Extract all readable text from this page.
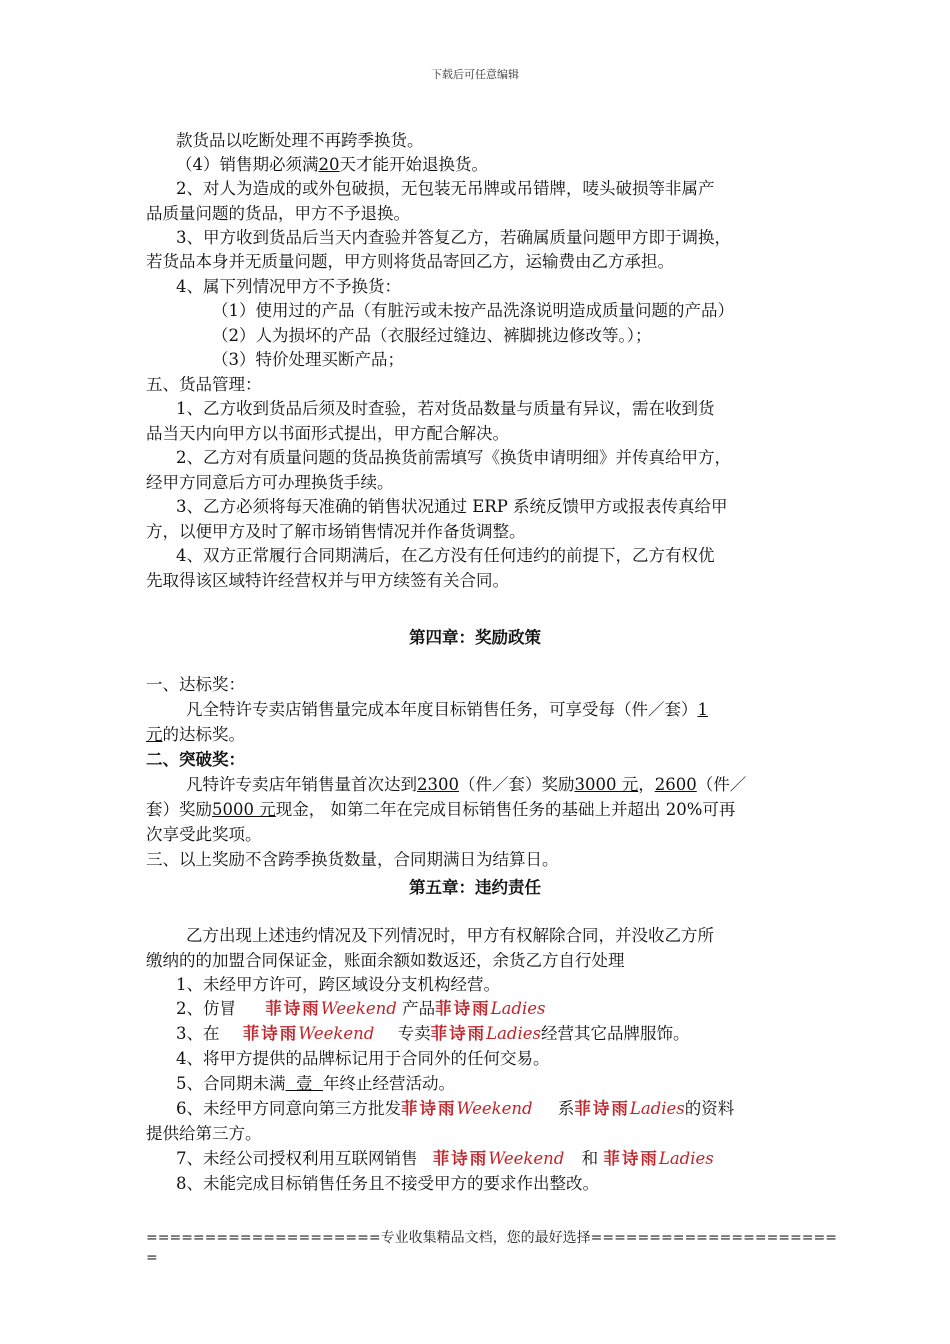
下载后可任意编辑
款货品以吃断处理不再跨季换货。
（4）销售期必须满20天才能开始退换货。
2、对人为造成的或外包破损，无包装无吊牌或吊错牌，唛头破损等非属产
品质量问题的货品，甲方不予退换。
3、甲方收到货品后当天内查验并答复乙方，若确属质量问题甲方即于调换，
若货品本身并无质量问题，甲方则将货品寄回乙方，运输费由乙方承担。
4、属下列情况甲方不予换货：
（1）使用过的产品（有脏污或未按产品洗涤说明造成质量问题的产品）
（2）人为损坏的产品（衣服经过缝边、裤脚挑边修改等。）；
（3）特价处理买断产品；
五、货品管理：
1、乙方收到货品后须及时查验，若对货品数量与质量有异议，需在收到货
品当天内向甲方以书面形式提出，甲方配合解决。
2、乙方对有质量问题的货品换货前需填写《换货申请明细》并传真给甲方，
经甲方同意后方可办理换货手续。
3、乙方必须将每天准确的销售状况通过 ERP 系统反馈甲方或报表传真给甲
方，以便甲方及时了解市场销售情况并作备货调整。
4、双方正常履行合同期满后，在乙方没有任何违约的前提下，乙方有权优
先取得该区域特许经营权并与甲方续签有关合同。
第四章：奖励政策
一、达标奖：
凡全特许专卖店销售量完成本年度目标销售任务，可享受每（件／套）1
元的达标奖。
二、突破奖：
凡特许专卖店年销售量首次达到2300（件／套）奖励3000 元，2600（件／
套）奖励5000 元现金， 如第二年在完成目标销售任务的基础上并超出 20%可再
次享受此奖项。
三、以上奖励不含跨季换货数量，合同期满日为结算日。
第五章：违约责任
乙方出现上述违约情况及下列情况时，甲方有权解除合同，并没收乙方所
缴纳的的加盟合同保证金，账面余额如数返还，余货乙方自行处理
1、未经甲方许可，跨区域设分支机构经营。
2、仿冒 菲诗雨Weekend 产品菲诗雨Ladies
3、在 菲诗雨Weekend 专卖菲诗雨Ladies经营其它品牌服饰。
4、将甲方提供的品牌标记用于合同外的任何交易。
5、合同期未满  壹  年终止经营活动。
6、未经甲方同意向第三方批发菲诗雨Weekend 系菲诗雨Ladies的资料
提供给第三方。
7、未经公司授权利用互联网销售 菲诗雨Weekend 和 菲诗雨Ladies
8、未能完成目标销售任务且不接受甲方的要求作出整改。
====================专业收集精品文档，您的最好选择=====================
=
